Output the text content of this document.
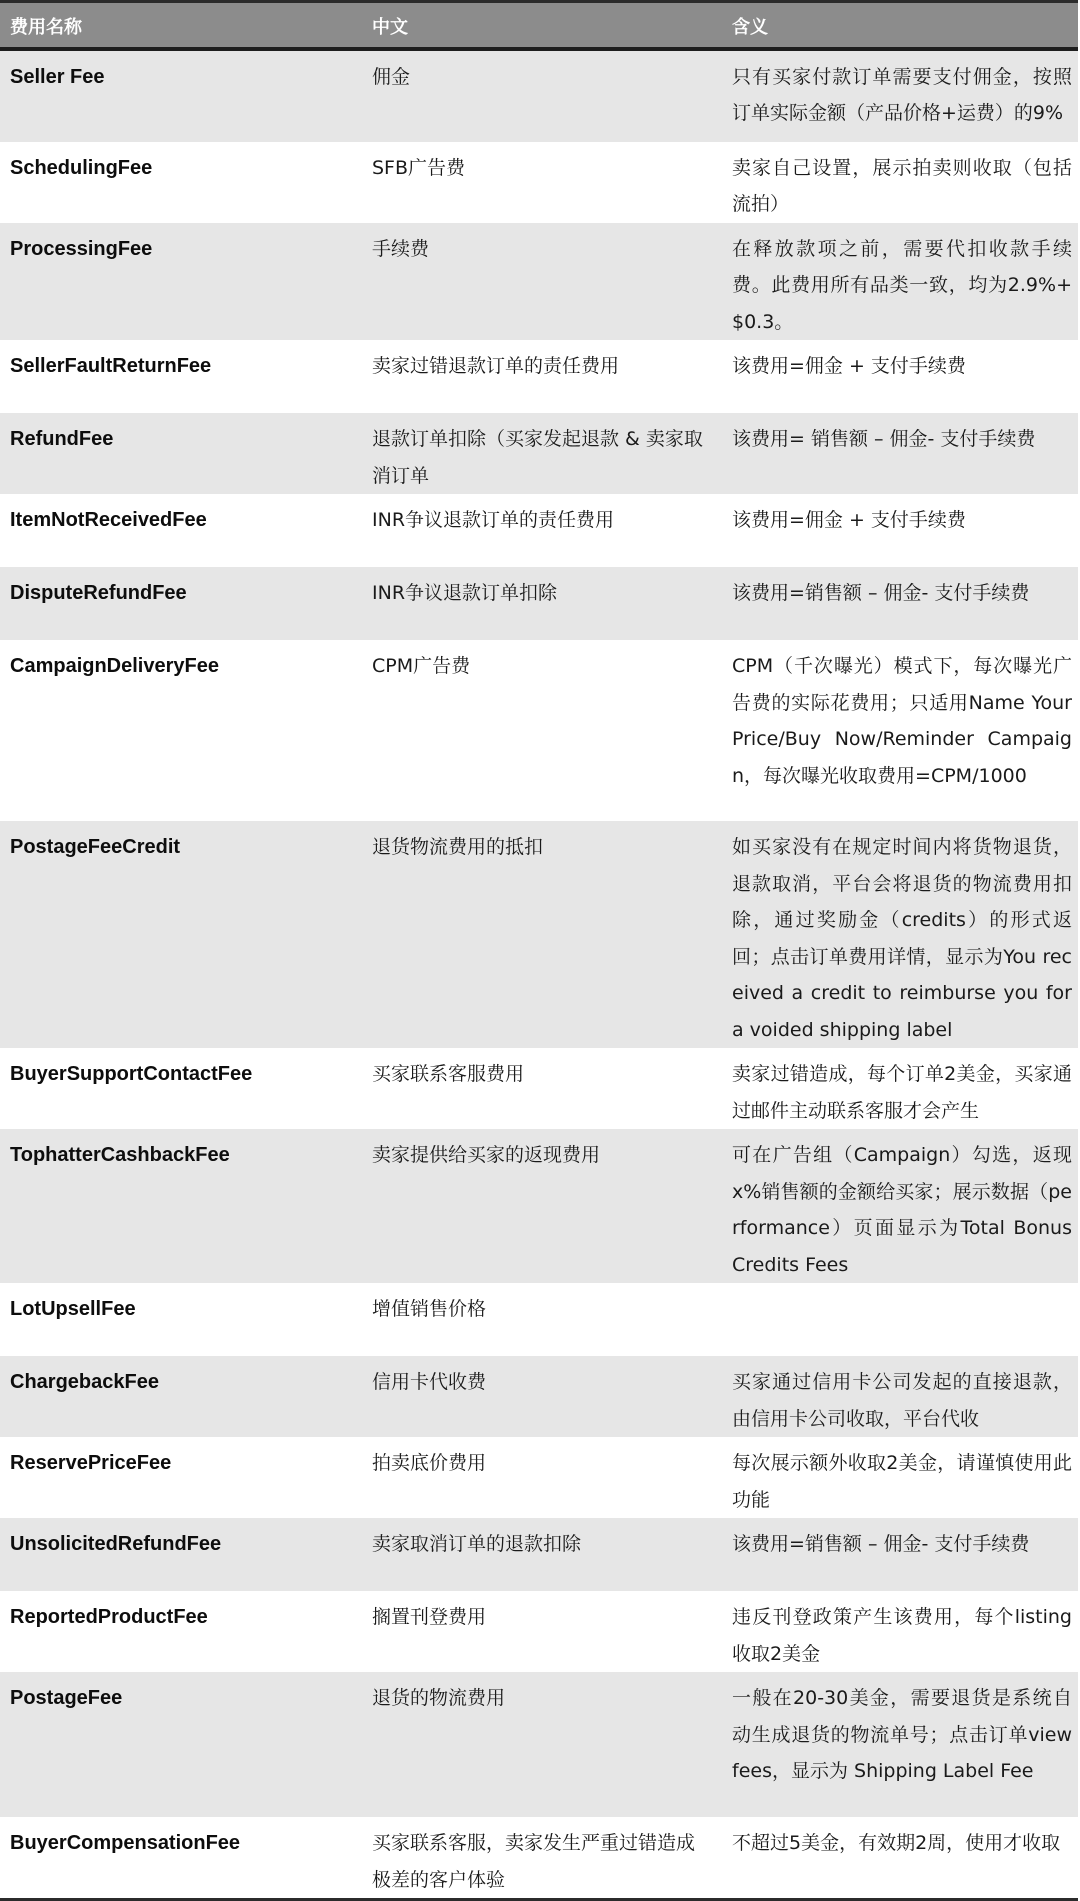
费用名称	中文	含义
Seller Fee	佣金	只有买家付款订单需要支付佣金，按照订单实际金额（产品价格+运费）的9%
SchedulingFee	SFB广告费	卖家自己设置，展示拍卖则收取（包括流拍）
ProcessingFee	手续费	在释放款项之前，需要代扣收款手续费。此费用所有品类一致，均为2.9%+$0.3。
SellerFaultReturnFee	卖家过错退款订单的责任费用	该费用=佣金 + 支付手续费
RefundFee	退款订单扣除（买家发起退款 & 卖家取消订单	该费用= 销售额 – 佣金- 支付手续费
ItemNotReceivedFee	INR争议退款订单的责任费用	该费用=佣金 + 支付手续费
DisputeRefundFee	INR争议退款订单扣除	该费用=销售额 – 佣金- 支付手续费
CampaignDeliveryFee	CPM广告费	CPM（千次曝光）模式下，每次曝光广告费的实际花费用；只适用Name Your Price/Buy Now/Reminder Campaign，每次曝光收取费用=CPM/1000
PostageFeeCredit	退货物流费用的抵扣	如买家没有在规定时间内将货物退货，退款取消，平台会将退货的物流费用扣除，通过奖励金（credits）的形式返回；点击订单费用详情，显示为You received a credit to reimburse you for a voided shipping label
BuyerSupportContactFee	买家联系客服费用	卖家过错造成，每个订单2美金，买家通过邮件主动联系客服才会产生
TophatterCashbackFee	卖家提供给买家的返现费用	可在广告组（Campaign）勾选，返现x%销售额的金额给买家；展示数据（performance）页面显示为Total Bonus Credits Fees
LotUpsellFee	增值销售价格	
ChargebackFee	信用卡代收费	买家通过信用卡公司发起的直接退款，由信用卡公司收取，平台代收
ReservePriceFee	拍卖底价费用	每次展示额外收取2美金，请谨慎使用此功能
UnsolicitedRefundFee	卖家取消订单的退款扣除	该费用=销售额 – 佣金- 支付手续费
ReportedProductFee	搁置刊登费用	违反刊登政策产生该费用，每个listing收取2美金
PostageFee	退货的物流费用	一般在20-30美金，需要退货是系统自动生成退货的物流单号；点击订单view fees，显示为 Shipping Label Fee
BuyerCompensationFee	买家联系客服，卖家发生严重过错造成极差的客户体验	不超过5美金，有效期2周，使用才收取
